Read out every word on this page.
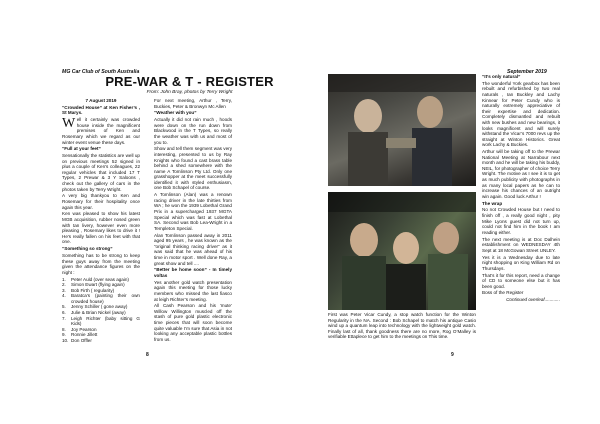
MG Car Club of South Australia	September 2019
PRE-WAR & T - REGISTER
From: John Bray, photos by Terry Wright

7 August 2019

“Crowded House” at Ken Fisher’s , St Marys.

Well it certainly was crowded house inside the magnificent premises of Ken and Rosemary which we regard as our winter event venue these days.

“Full at your feet”

Sensationally the statistics are well up on previous meetings 52 signed in plus a couple of Ken’s colleagues, 22 regular vehicles that included 17 T Types, 2 Prewar & 3 Y Saloons , check out the gallery of cars in the photos taken by Terry Wright.

A very big thankyou to Ken and Rosemary for their hospitality once again this year.

Ken was pleased to show his latest MGB acquisition, rubber nosed green with tan livery, however even more pleasing , Rosemary likes to drive it ! He’s really fallen on his feet with that one.

“Something so strong”

Something has to be strong to keep these guys away from the meeting given the attendance figures on the night :

1.	Peter Auld (over seas again)
2.	Simon Ewart (flying again)
3.	Bob Firth ( regularity)
4.	Baratca’s (painting their own crowded house)
5.	Jenny Schiller ( gone away)
6.	Julie & Brian Nickel (away)
7.	Leigh Richter (baby sitting G Kids)
8.	Joy Pearson
9.	Ronnie Jillett
10. Don Offler

For next meeting, Arthur , Terry, Buckies, Peter & Bronwyn Mc Allen

“Weather with you”

Actually it did not rain much , hoods were down on the run down from Blackwood in the T Types, so really the weather was with us and most of you to.

Show and tell them segment was very interesting, presented to us by Ray Knights who found a cast brass table behind a shed somewhere with the name A Tomlinson Pty Ltd. Only one grasshopper at the meet successfully identified it with styled enthusiasm, one Bob Schapel of course.

A Tomlinson (Alan) was a renown racing driver in the late thirties from WA ; he won the 1939 Lobethal Grand Prix in a supercharged 1937 MGTA Special which was fast at Lobethal SA. Second was Bob Lea-Wright in a Templeton Special.

Alan Tomlinson passed away in 2011 aged 95 years , he was known as the “original thinking racing driver” as it was said that he was ahead of his time in motor sport . Well done Ray, a great show and tell ....

“Better be home soon” - In timely voltas

Yes another gold watch presentation again this meeting for those lucky members who missed the last fiasco at leigh Richter’s meeting.

All Cash Pearson and his ‘mute’ Willow Willington muscled off the stash of pure gold plastic electronic time pieces that will soon become quite valuable I’m sure that Asia in not looking any acceptable plastic bottles from us.

First was Peter Vicar Cundy, a stop watch function for the Winton Regularity in the NA. Second : Bob Schapel to match his antique Casio wind up a quantum leap into technology with the lightweight gold watch. Finally last of all, thank goodness there are no more, Rog O’Malley is verifiable Ettaplece to get him to the meetings on This time.

“It’s only natural”

The wonderful York gearbox has been rebuilt and refurbished by two real naturals , Ian Buckley and Lachy Kinnear for Peter Cundy who is naturally extremely appreciative of their expertise and dedication. Completely dismantled and rebuilt with new bushes and new bearings, it looks magnificent and will surely withstand the Vicar’s 7000 revs up the straight at Winton Historics. Great work Lachy & Buckies.

Arthur will be taking off to the Prewar National Meeting at Narrabour next month and he will be taking his buddy, NEIL, for photographer of choice Terry Wright. The motive as I see it is to get as much publicity with photographs in as many local papers as he can to increase his chances of an outright win again. Good luck Arthur !

The wrap

No not Crowded House but I need to finish off , a really good night , pity Mike Lyons guest did not turn up, could not find him in the book I am reading either.

The next meeting is at Doc Dalhein establishment on WEDNESDAY 4th Sept at 18 McGowan Street UNLEY.

Yes it is a Wednesday due to late night shopping on King William Rd on Thursdays.

That’s it for this report, need a change of CD to someone else but it has been good.

Boss of the Register

Continued overleaf............

8	9
